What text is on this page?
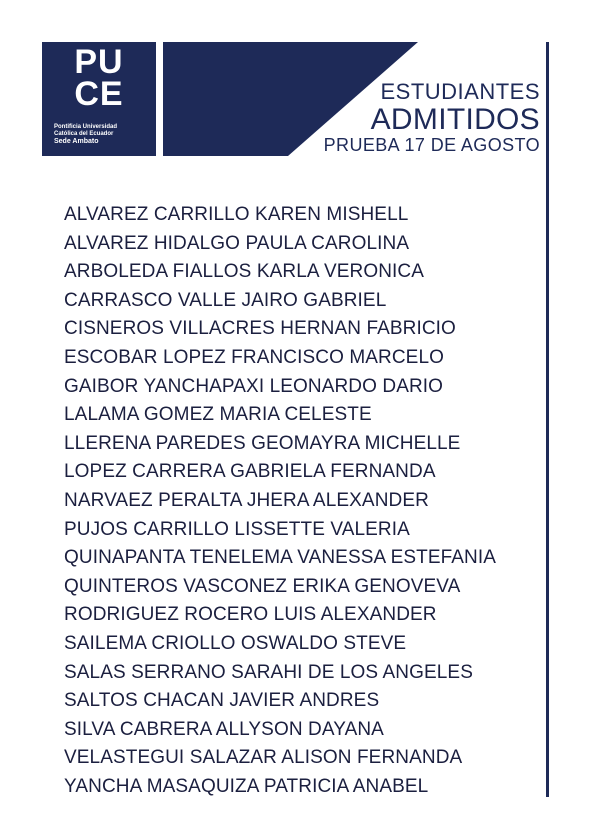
PU
CE
Pontificia Universidad
Católica del Ecuador
Sede Ambato
ESTUDIANTES
ADMITIDOS
PRUEBA 17 DE AGOSTO
ALVAREZ CARRILLO KAREN MISHELL
ALVAREZ HIDALGO PAULA CAROLINA
ARBOLEDA FIALLOS KARLA VERONICA
CARRASCO VALLE JAIRO GABRIEL
CISNEROS VILLACRES HERNAN FABRICIO
ESCOBAR LOPEZ FRANCISCO MARCELO
GAIBOR YANCHAPAXI LEONARDO DARIO
LALAMA GOMEZ MARIA CELESTE
LLERENA PAREDES GEOMAYRA MICHELLE
LOPEZ CARRERA GABRIELA FERNANDA
NARVAEZ PERALTA JHERA ALEXANDER
PUJOS CARRILLO LISSETTE VALERIA
QUINAPANTA TENELEMA VANESSA ESTEFANIA
QUINTEROS VASCONEZ ERIKA GENOVEVA
RODRIGUEZ ROCERO LUIS ALEXANDER
SAILEMA CRIOLLO OSWALDO STEVE
SALAS SERRANO SARAHI DE LOS ANGELES
SALTOS CHACAN JAVIER ANDRES
SILVA CABRERA ALLYSON DAYANA
VELASTEGUI SALAZAR ALISON FERNANDA
YANCHA MASAQUIZA PATRICIA ANABEL
